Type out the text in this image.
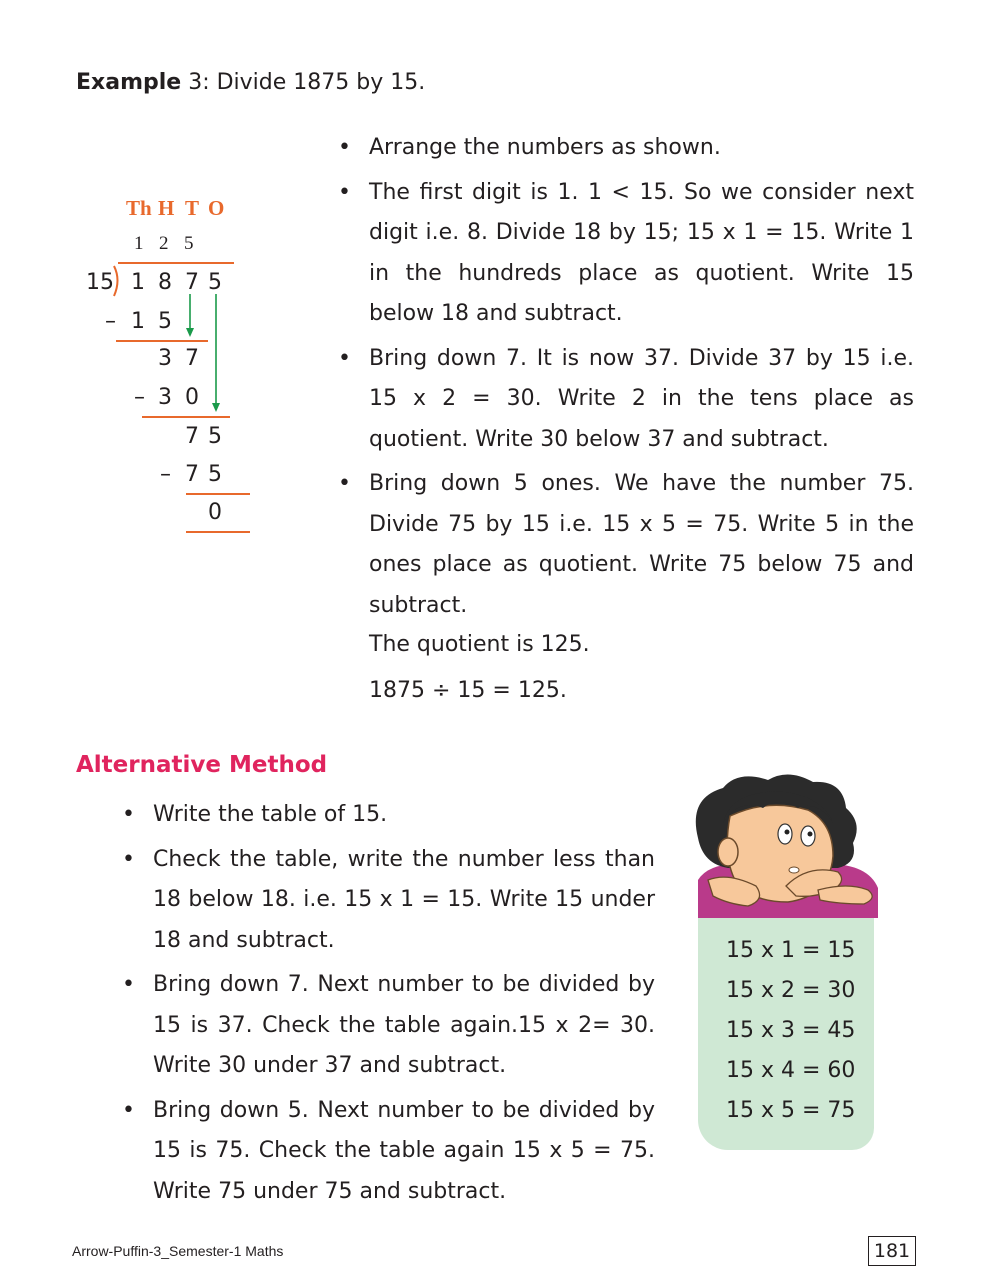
Example 3: Divide 1875 by 15.
Th H T O
1 2 5
15 1 8 7 5
– 1 5
3 7
– 3 0
7 5
– 7 5
0
• Arrange the numbers as shown.
• The first digit is 1. 1 < 15. So we consider next digit i.e. 8. Divide 18 by 15; 15 x 1 = 15. Write 1 in the hundreds place as quotient. Write 15 below 18 and subtract.
• Bring down 7. It is now 37. Divide 37 by 15 i.e. 15 x 2 = 30. Write 2 in the tens place as quotient. Write 30 below 37 and subtract.
• Bring down 5 ones. We have the number 75. Divide 75 by 15 i.e. 15 x 5 = 75. Write 5 in the ones place as quotient. Write 75 below 75 and subtract.
The quotient is 125.
1875 ÷ 15 = 125.
Alternative Method
• Write the table of 15.
• Check the table, write the number less than 18 below 18. i.e. 15 x 1 = 15. Write 15 under 18 and subtract.
• Bring down 7. Next number to be divided by 15 is 37. Check the table again.15 x 2= 30. Write 30 under 37 and subtract.
• Bring down 5. Next number to be divided by 15 is 75. Check the table again 15 x 5 = 75. Write 75 under 75 and subtract.
15 x 1 = 15
15 x 2 = 30
15 x 3 = 45
15 x 4 = 60
15 x 5 = 75
Arrow-Puffin-3_Semester-1 Maths	181
